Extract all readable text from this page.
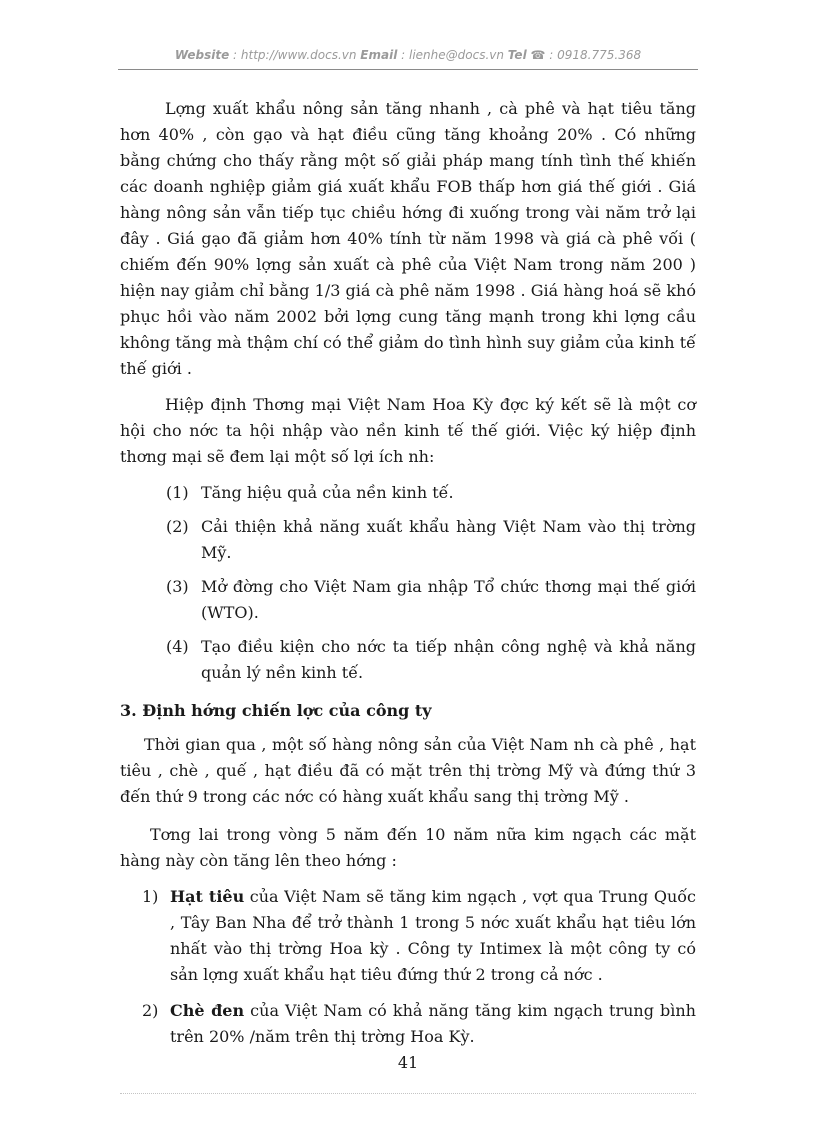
Website : http://www.docs.vn Email : lienhe@docs.vn Tel ☎ : 0918.775.368

Lợng xuất khẩu nông sản tăng nhanh , cà phê và hạt tiêu tăng hơn 40% , còn gạo và hạt điều cũng tăng khoảng 20% . Có những bằng chứng cho thấy rằng một số giải pháp mang tính tình thế khiến các doanh nghiệp giảm giá xuất khẩu FOB thấp hơn giá thế giới . Giá hàng nông sản vẫn tiếp tục chiều hớng đi xuống trong vài năm trở lại đây . Giá gạo đã giảm hơn 40% tính từ năm 1998 và giá cà phê vối ( chiếm đến 90% lợng sản xuất cà phê của Việt Nam trong năm 200 ) hiện nay giảm chỉ bằng 1/3 giá cà phê năm 1998 . Giá hàng hoá sẽ khó phục hồi vào năm 2002 bởi lợng cung tăng mạnh trong khi lợng cầu không tăng mà thậm chí có thể giảm do tình hình suy giảm của kinh tế thế giới .

Hiệp định Thơng mại Việt Nam Hoa Kỳ đợc ký kết sẽ là một cơ hội cho nớc ta hội nhập vào nền kinh tế thế giới. Việc ký hiệp định thơng mại sẽ đem lại một số lợi ích nh:

(1) Tăng hiệu quả của nền kinh tế.
(2) Cải thiện khả năng xuất khẩu hàng Việt Nam vào thị trờng Mỹ.
(3) Mở đờng cho Việt Nam gia nhập Tổ chức thơng mại thế giới (WTO).
(4) Tạo điều kiện cho nớc ta tiếp nhận công nghệ và khả năng quản lý nền kinh tế.

3. Định hớng chiến lợc của công ty

Thời gian qua , một số hàng nông sản của Việt Nam nh cà phê , hạt tiêu , chè , quế , hạt điều đã có mặt trên thị trờng Mỹ và đứng thứ 3 đến thứ 9 trong các nớc có hàng xuất khẩu sang thị trờng Mỹ .

Tơng lai trong vòng 5 năm đến 10 năm nữa kim ngạch các mặt hàng này còn tăng lên theo hớng :

1) Hạt tiêu của Việt Nam sẽ tăng kim ngạch , vợt qua Trung Quốc , Tây Ban Nha để trở thành 1 trong 5 nớc xuất khẩu hạt tiêu lớn nhất vào thị trờng Hoa kỳ . Công ty Intimex là một công ty có sản lợng xuất khẩu hạt tiêu đứng thứ 2 trong cả nớc .
2) Chè đen của Việt Nam có khả năng tăng kim ngạch trung bình trên 20% /năm trên thị trờng Hoa Kỳ.
41
